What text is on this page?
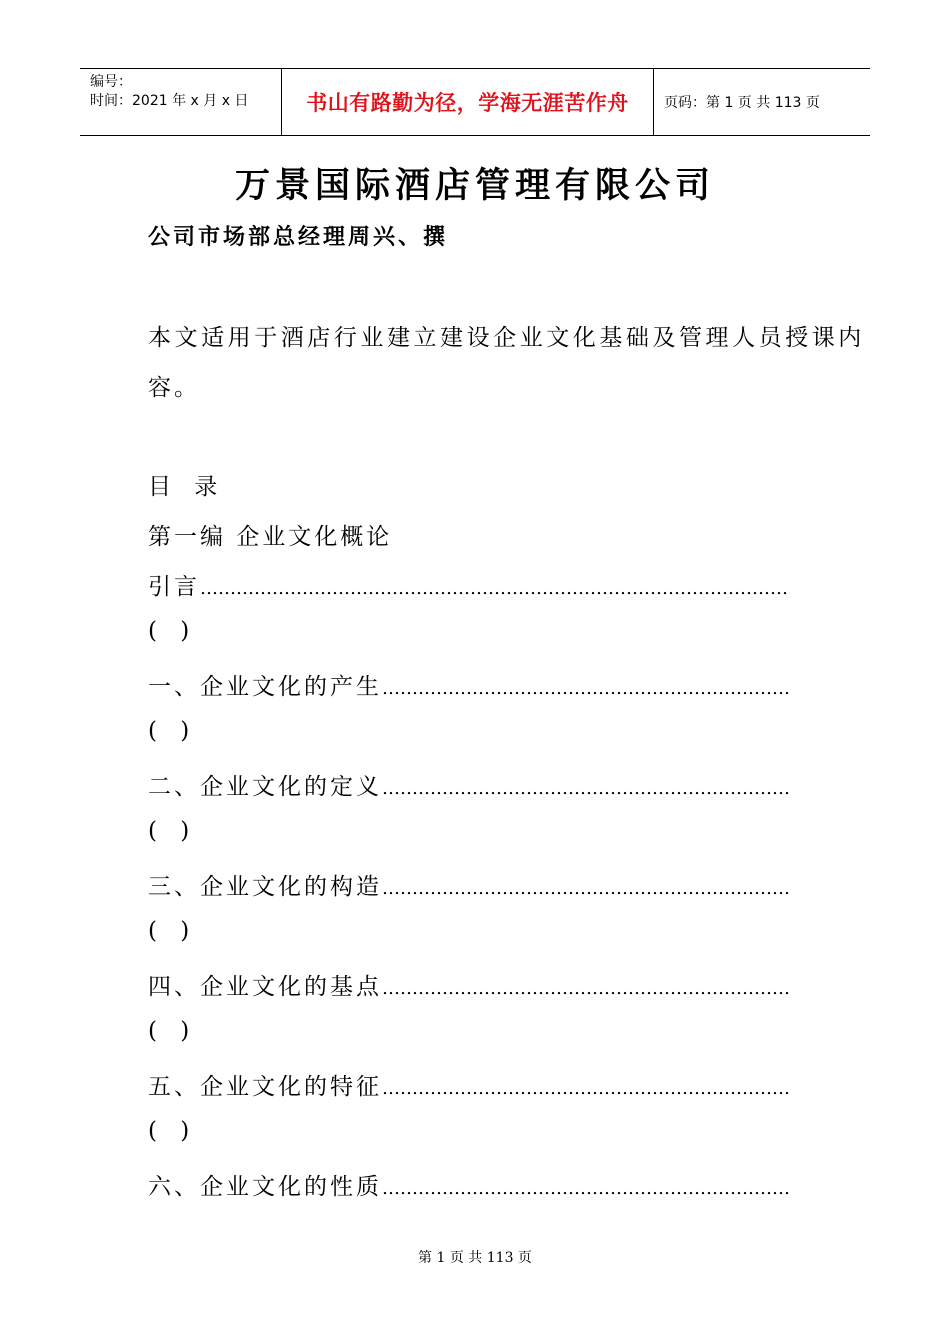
编号：
时间：2021 年 x 月 x 日	书山有路勤为径，学海无涯苦作舟	页码：第 1 页 共 113 页
万景国际酒店管理有限公司
公司市场部总经理周兴、撰
本文适用于酒店行业建立建设企业文化基础及管理人员授课内
容。
目 录
第一编 企业文化概论
引言
…………………………………………………………………………………………………………………………………………………………………………
( )
一、企业文化的产生
…………………………………………………………………………………………………………………………………………………………………………
( )
二、企业文化的定义
…………………………………………………………………………………………………………………………………………………………………………
( )
三、企业文化的构造
…………………………………………………………………………………………………………………………………………………………………………
( )
四、企业文化的基点
…………………………………………………………………………………………………………………………………………………………………………
( )
五、企业文化的特征
…………………………………………………………………………………………………………………………………………………………………………
( )
六、企业文化的性质
…………………………………………………………………………………………………………………………………………………………………………
第 1 页 共 113 页
